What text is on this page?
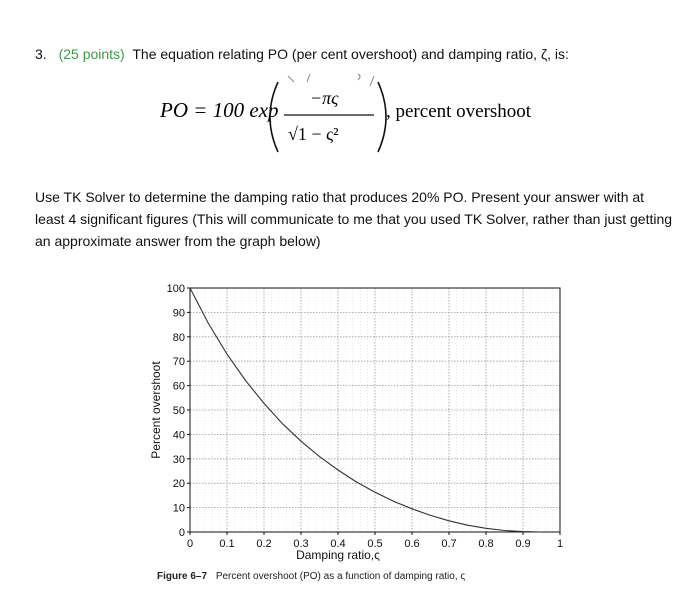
3. (25 points) The equation relating PO (per cent overshoot) and damping ratio, ζ, is:
PO = 100 exp −πς
√1 − ς²
, percent overshoot
Use TK Solver to determine the damping ratio that produces 20% PO. Present your answer with at least 4 significant figures (This will communicate to me that you used TK Solver, rather than just getting an approximate answer from the graph below)
0
10
20
30
40
50
60
70
80
90
100
0 0.1 0.2 0.3 0.4 0.5 0.6 0.7 0.8 0.9 1
Damping ratio,ς
Percent overshoot
Figure 6–7 Percent overshoot (PO) as a function of damping ratio, ς
